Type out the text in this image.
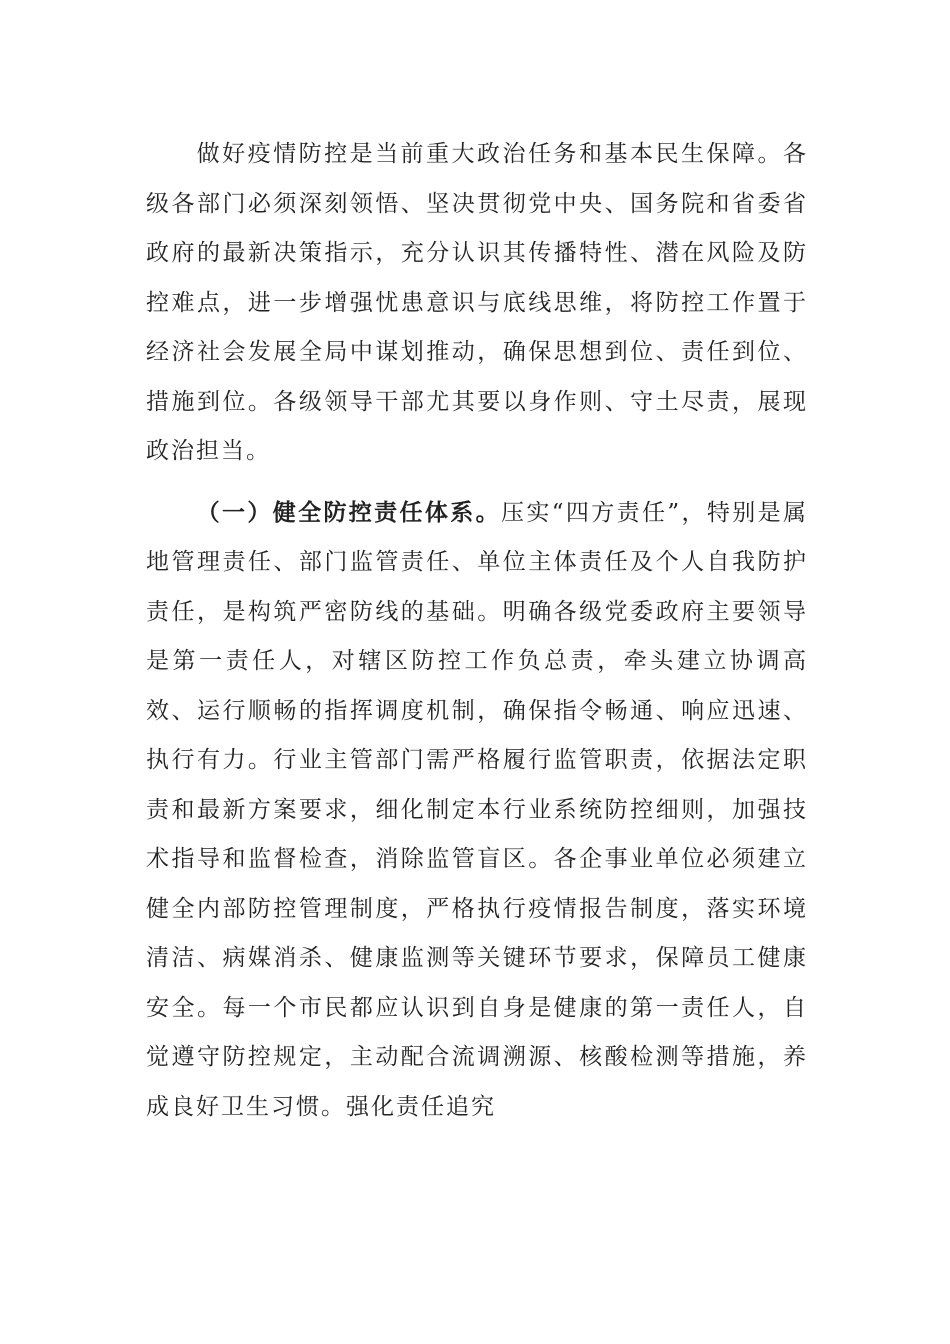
做好疫情防控是当前重大政治任务和基本民生保障。各级各部门必须深刻领悟、坚决贯彻党中央、国务院和省委省政府的最新决策指示，充分认识其传播特性、潜在风险及防控难点，进一步增强忧患意识与底线思维，将防控工作置于经济社会发展全局中谋划推动，确保思想到位、责任到位、措施到位。各级领导干部尤其要以身作则、守土尽责，展现政治担当。

（一）健全防控责任体系。压实“四方责任”，特别是属地管理责任、部门监管责任、单位主体责任及个人自我防护责任，是构筑严密防线的基础。明确各级党委政府主要领导是第一责任人，对辖区防控工作负总责，牵头建立协调高效、运行顺畅的指挥调度机制，确保指令畅通、响应迅速、执行有力。行业主管部门需严格履行监管职责，依据法定职责和最新方案要求，细化制定本行业系统防控细则，加强技术指导和监督检查，消除监管盲区。各企事业单位必须建立健全内部防控管理制度，严格执行疫情报告制度，落实环境清洁、病媒消杀、健康监测等关键环节要求，保障员工健康安全。每一个市民都应认识到自身是健康的第一责任人，自觉遵守防控规定，主动配合流调溯源、核酸检测等措施，养成良好卫生习惯。强化责任追究
